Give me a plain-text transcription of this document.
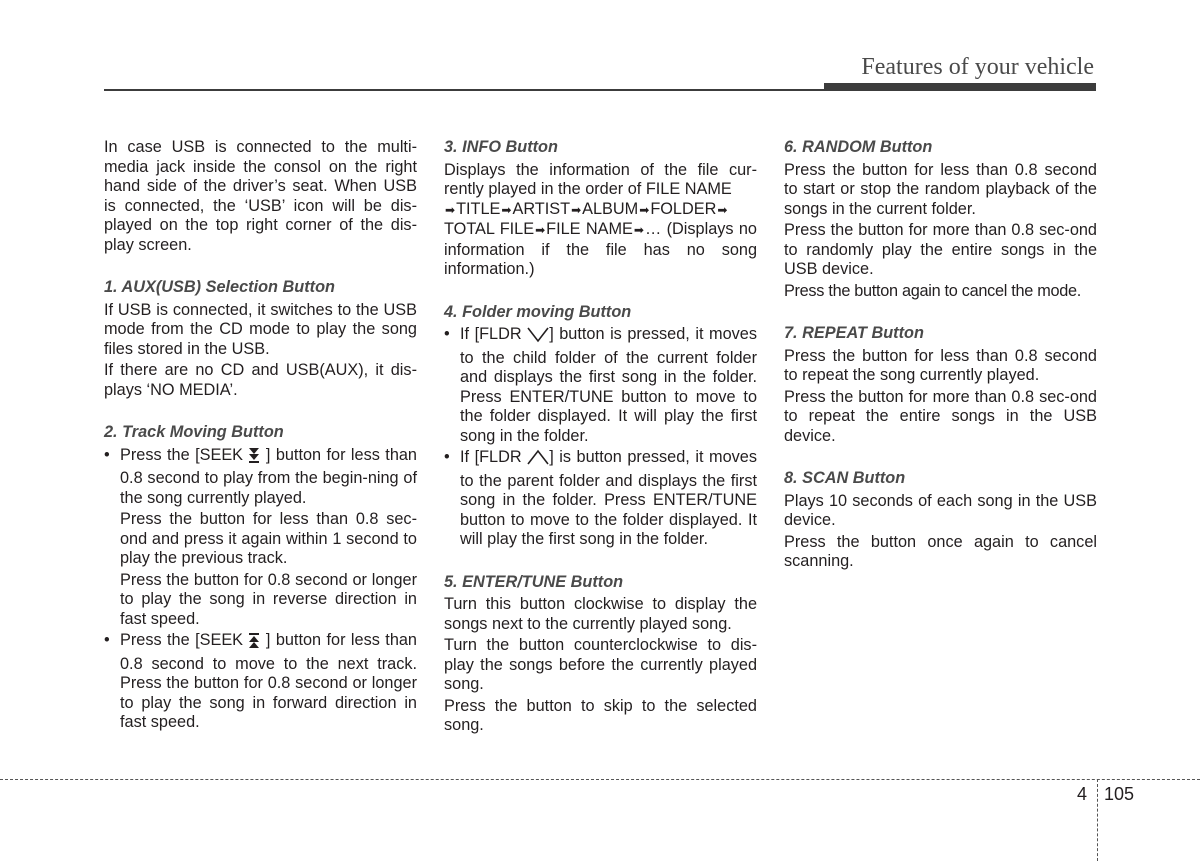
Features of your vehicle

In case USB is connected to the multi-media jack inside the consol on the right hand side of the driver’s seat. When USB is connected, the ‘USB’ icon will be dis-played on the top right corner of the dis-play screen.

1. AUX(USB) Selection Button

If USB is connected, it switches to the USB mode from the CD mode to play the song files stored in the USB.

If there are no CD and USB(AUX), it dis-plays ‘NO MEDIA’.

2. Track Moving Button

• Press the [SEEK  ] button for less than 0.8 second to play from the begin-ning of the song currently played.

Press the button for less than 0.8 sec-ond and press it again within 1 second to play the previous track.

Press the button for 0.8 second or longer to play the song in reverse direction in fast speed.

• Press the [SEEK  ] button for less than 0.8 second to move to the next track. Press the button for 0.8 second or longer to play the song in forward direction in fast speed.

3. INFO Button

Displays the information of the file cur-rently played in the order of FILE NAME
➡TITLE➡ARTIST➡ALBUM➡FOLDER➡
TOTAL FILE➡FILE NAME➡… (Displays no information if the file has no song information.)

4. Folder moving Button
• If [FLDR ] button is pressed, it moves to the child folder of the current folder and displays the first song in the folder. Press ENTER/TUNE button to move to the folder displayed. It will play the first song in the folder.
• If [FLDR ] is button pressed, it moves to the parent folder and displays the first song in the folder. Press ENTER/TUNE button to move to the folder displayed. It will play the first song in the folder.
5. ENTER/TUNE Button

Turn this button clockwise to display the songs next to the currently played song.

Turn the button counterclockwise to dis-play the songs before the currently played song.

Press the button to skip to the selected song.

6. RANDOM Button

Press the button for less than 0.8 second to start or stop the random playback of the songs in the current folder.

Press the button for more than 0.8 sec-ond to randomly play the entire songs in the USB device.

Press the button again to cancel the mode.

7. REPEAT Button

Press the button for less than 0.8 second to repeat the song currently played.

Press the button for more than 0.8 sec-ond to repeat the entire songs in the USB device.

8. SCAN Button

Plays 10 seconds of each song in the USB device.

Press the button once again to cancel scanning.

4 105
